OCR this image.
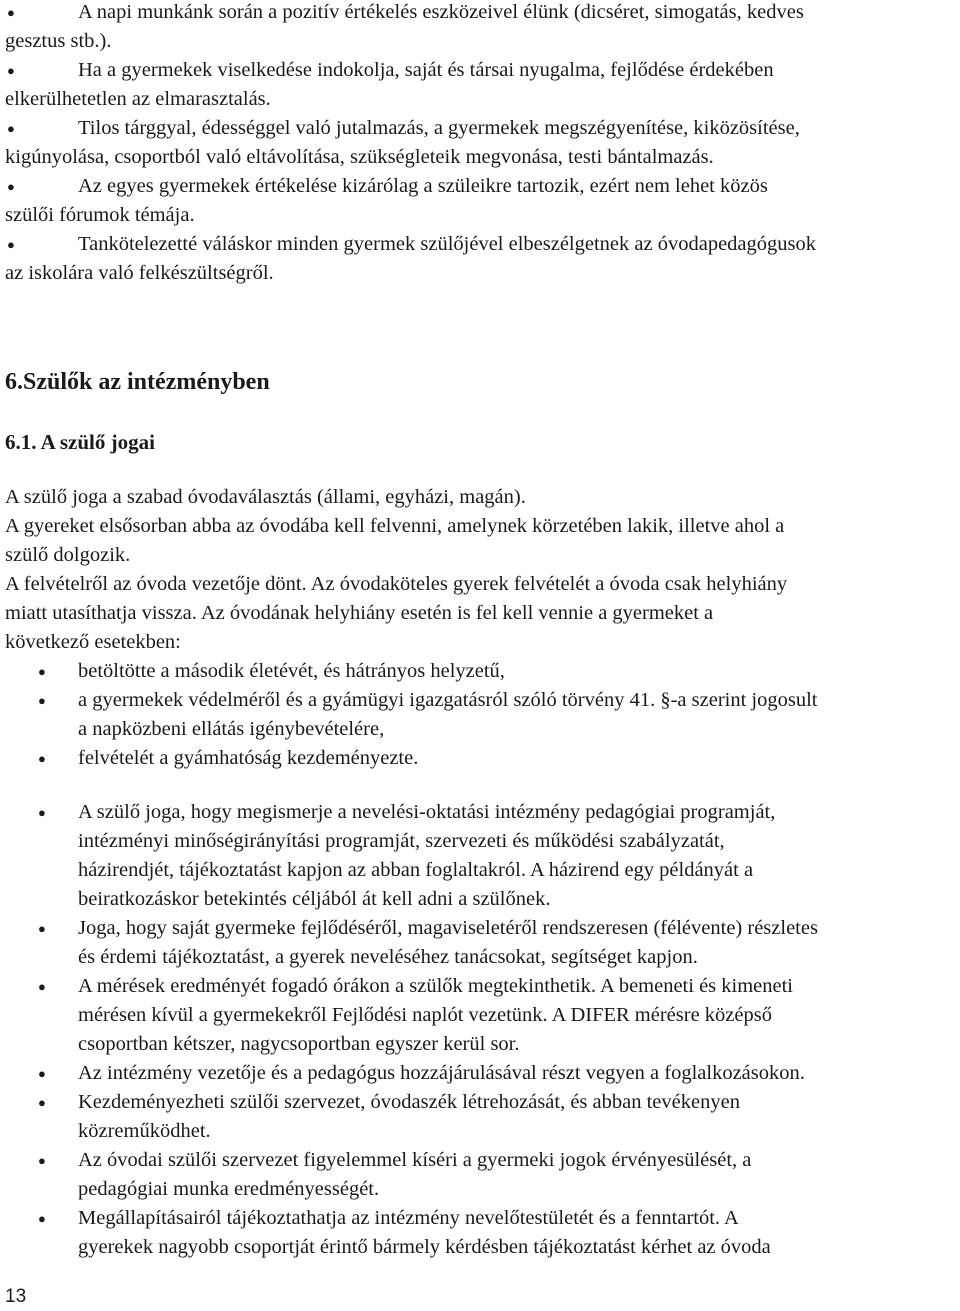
●	A napi munkánk során a pozitív értékelés eszközeivel élünk (dicséret, simogatás, kedves
gesztus stb.).
●	Ha a gyermekek viselkedése indokolja, saját és társai nyugalma, fejlődése érdekében
elkerülhetetlen az elmarasztalás.
●	Tilos tárggyal, édességgel való jutalmazás, a gyermekek megszégyenítése, kiközösítése,
kigúnyolása, csoportból való eltávolítása, szükségleteik megvonása, testi bántalmazás.
●	Az egyes gyermekek értékelése kizárólag a szüleikre tartozik, ezért nem lehet közös
szülői fórumok témája.
●	Tankötelezetté váláskor minden gyermek szülőjével elbeszélgetnek az óvodapedagógusok
az iskolára való felkészültségről.
6.Szülők az intézményben
6.1. A szülő jogai

A szülő joga a szabad óvodaválasztás (állami, egyházi, magán).

A gyereket elsősorban abba az óvodába kell felvenni, amelynek körzetében lakik, illetve ahol a

szülő dolgozik.

A felvételről az óvoda vezetője dönt. Az óvodaköteles gyerek felvételét a óvoda csak helyhiány

miatt utasíthatja vissza. Az óvodának helyhiány esetén is fel kell vennie a gyermeket a

következő esetekben:

● betöltötte a második életévét, és hátrányos helyzetű,
● a gyermekek védelméről és a gyámügyi igazgatásról szóló törvény 41. §-a szerint jogosult
a napközbeni ellátás igénybevételére,
● felvételét a gyámhatóság kezdeményezte.
● A szülő joga, hogy megismerje a nevelési-oktatási intézmény pedagógiai programját,
intézményi minőségirányítási programját, szervezeti és működési szabályzatát,
házirendjét, tájékoztatást kapjon az abban foglaltakról. A házirend egy példányát a
beiratkozáskor betekintés céljából át kell adni a szülőnek.
● Joga, hogy saját gyermeke fejlődéséről, magaviseletéről rendszeresen (félévente) részletes
és érdemi tájékoztatást, a gyerek neveléséhez tanácsokat, segítséget kapjon.
● A mérések eredményét fogadó órákon a szülők megtekinthetik. A bemeneti és kimeneti
mérésen kívül a gyermekekről Fejlődési naplót vezetünk. A DIFER mérésre középső
csoportban kétszer, nagycsoportban egyszer kerül sor.
● Az intézmény vezetője és a pedagógus hozzájárulásával részt vegyen a foglalkozásokon.
● Kezdeményezheti szülői szervezet, óvodaszék létrehozását, és abban tevékenyen
közreműködhet.
● Az óvodai szülői szervezet figyelemmel kíséri a gyermeki jogok érvényesülését, a
pedagógiai munka eredményességét.
● Megállapításairól tájékoztathatja az intézmény nevelőtestületét és a fenntartót. A
gyerekek nagyobb csoportját érintő bármely kérdésben tájékoztatást kérhet az óvoda
13
